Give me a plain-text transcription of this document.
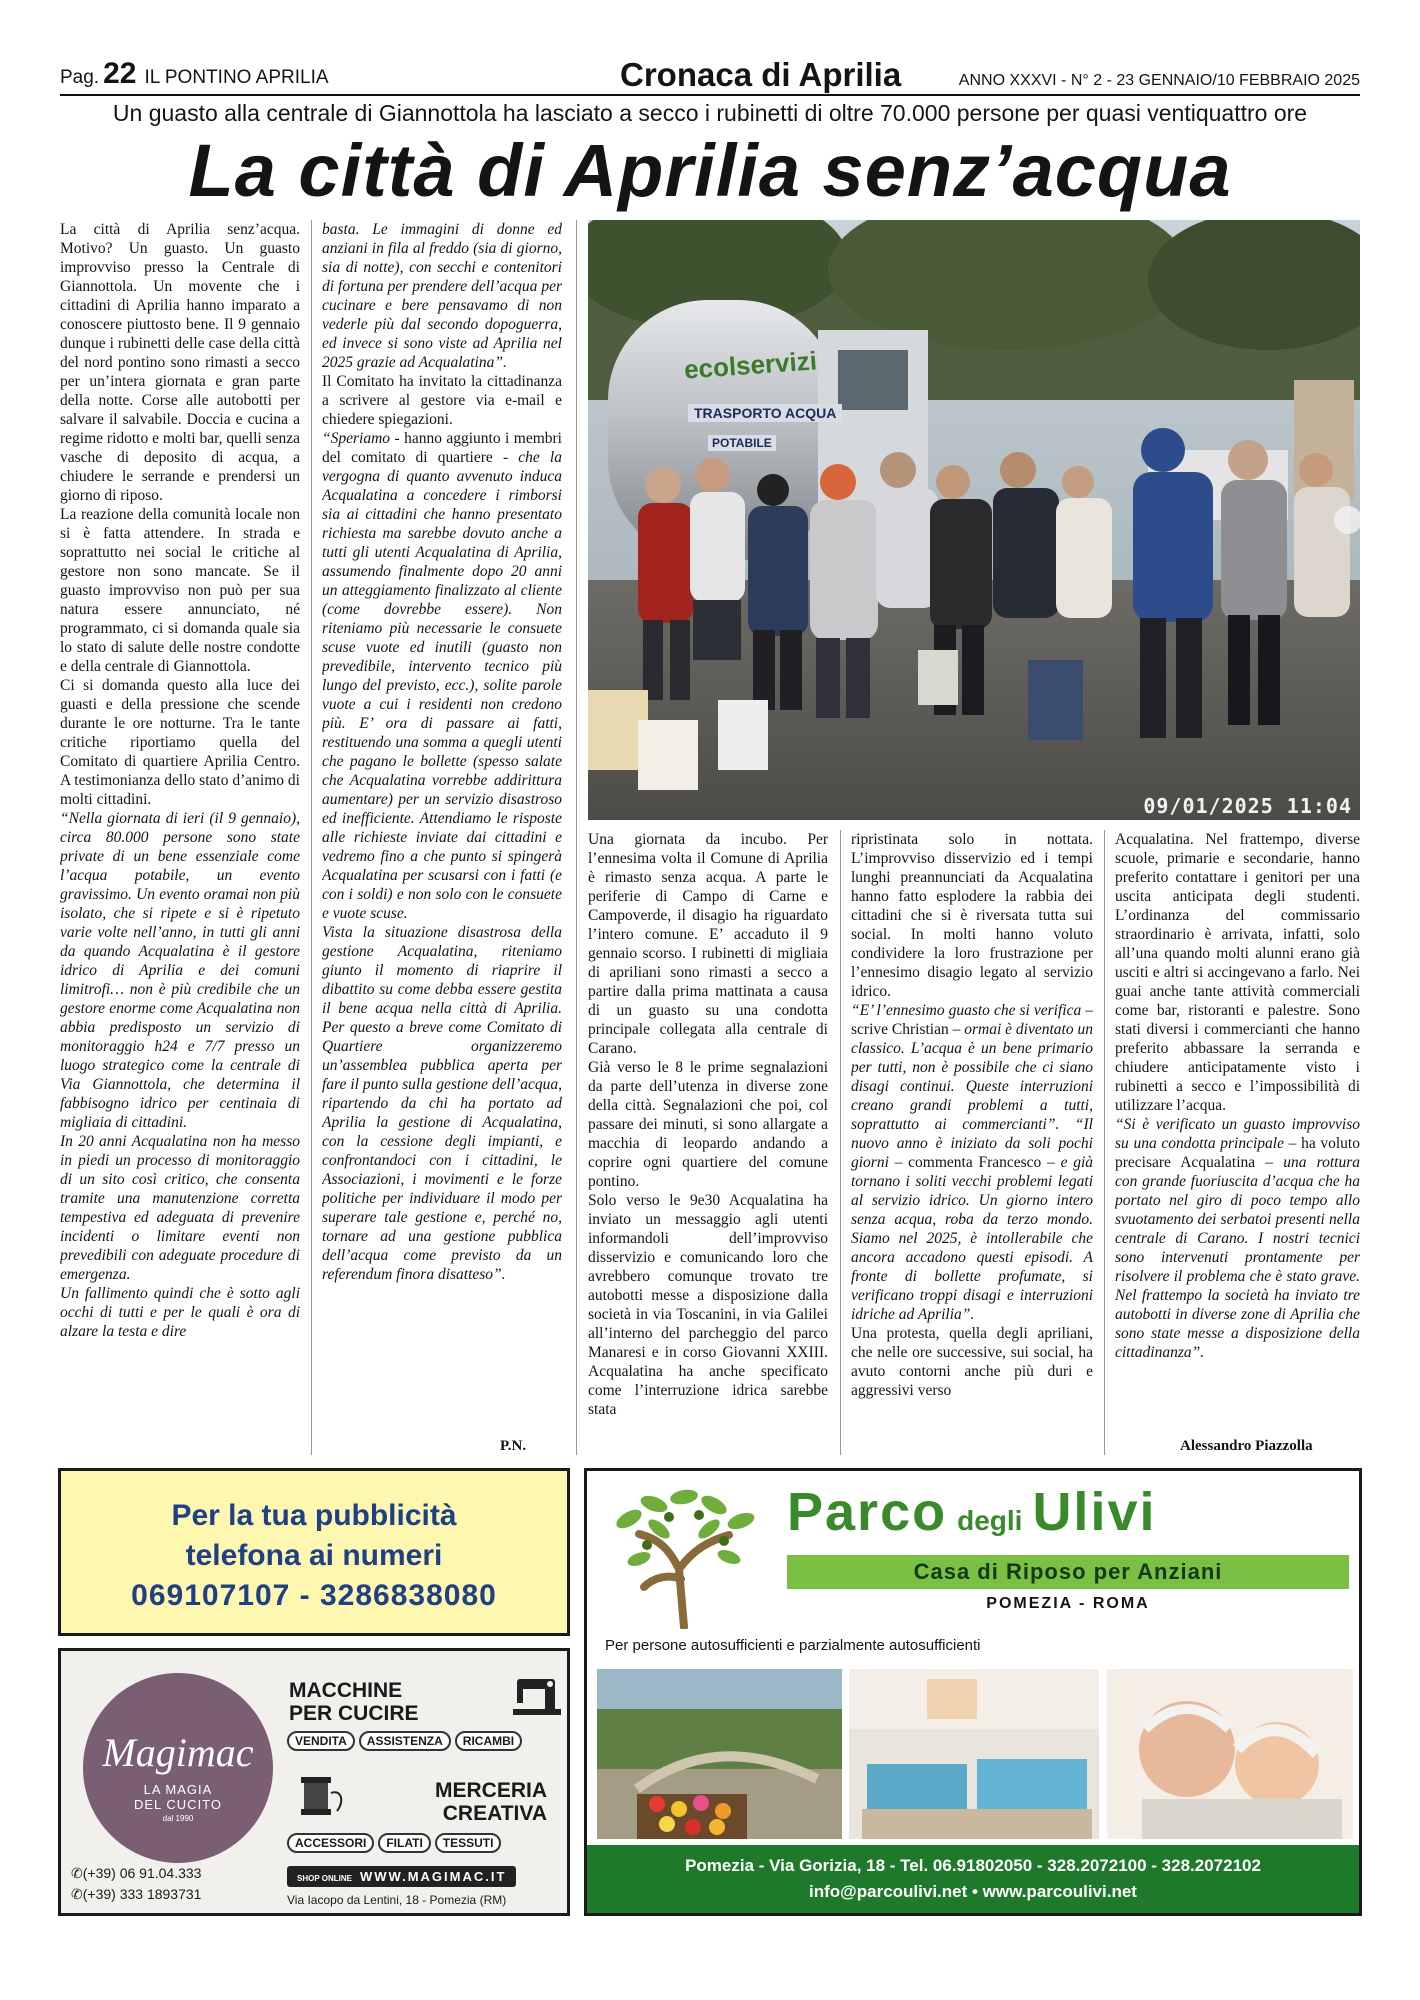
Pag. 22 IL PONTINO APRILIA	Cronaca di Aprilia	ANNO XXXVI - N° 2 - 23 GENNAIO/10 FEBBRAIO 2025
Un guasto alla centrale di Giannottola ha lasciato a secco i rubinetti di oltre 70.000 persone per quasi ventiquattro ore
La città di Aprilia senz’acqua

La città di Aprilia senz’acqua. Motivo? Un guasto. Un guasto improvviso presso la Centrale di Giannottola. Un movente che i cittadini di Aprilia hanno imparato a conoscere piuttosto bene. Il 9 gennaio dunque i rubinetti delle case della città del nord pontino sono rimasti a secco per un’intera giornata e gran parte della notte. Corse alle autobotti per salvare il salvabile. Doccia e cucina a regime ridotto e molti bar, quelli senza vasche di deposito di acqua, a chiudere le serrande e prendersi un giorno di riposo.

La reazione della comunità locale non si è fatta attendere. In strada e soprattutto nei social le critiche al gestore non sono mancate. Se il guasto improvviso non può per sua natura essere annunciato, né programmato, ci si domanda quale sia lo stato di salute delle nostre condotte e della centrale di Giannottola.

Ci si domanda questo alla luce dei guasti e della pressione che scende durante le ore notturne. Tra le tante critiche riportiamo quella del Comitato di quartiere Aprilia Centro. A testimonianza dello stato d’animo di molti cittadini.

“Nella giornata di ieri (il 9 gennaio), circa 80.000 persone sono state private di un bene essenziale come l’acqua potabile, un evento gravissimo. Un evento oramai non più isolato, che si ripete e si è ripetuto varie volte nell’anno, in tutti gli anni da quando Acqualatina è il gestore idrico di Aprilia e dei comuni limitrofi… non è più credibile che un gestore enorme come Acqualatina non abbia predisposto un servizio di monitoraggio h24 e 7/7 presso un luogo strategico come la centrale di Via Giannottola, che determina il fabbisogno idrico per centinaia di migliaia di cittadini.

In 20 anni Acqualatina non ha messo in piedi un processo di monitoraggio di un sito così critico, che consenta tramite una manutenzione corretta tempestiva ed adeguata di prevenire incidenti o limitare eventi non prevedibili con adeguate procedure di emergenza.

Un fallimento quindi che è sotto agli occhi di tutti e per le quali è ora di alzare la testa e dire

basta. Le immagini di donne ed anziani in fila al freddo (sia di giorno, sia di notte), con secchi e contenitori di fortuna per prendere dell’acqua per cucinare e bere pensavamo di non vederle più dal secondo dopoguerra, ed invece si sono viste ad Aprilia nel 2025 grazie ad Acqualatina”.

Il Comitato ha invitato la cittadinanza a scrivere al gestore via e-mail e chiedere spiegazioni.

“Speriamo - hanno aggiunto i membri del comitato di quartiere - che la vergogna di quanto avvenuto induca Acqualatina a concedere i rimborsi sia ai cittadini che hanno presentato richiesta ma sarebbe dovuto anche a tutti gli utenti Acqualatina di Aprilia, assumendo finalmente dopo 20 anni un atteggiamento finalizzato al cliente (come dovrebbe essere). Non riteniamo più necessarie le consuete scuse vuote ed inutili (guasto non prevedibile, intervento tecnico più lungo del previsto, ecc.), solite parole vuote a cui i residenti non credono più. E’ ora di passare ai fatti, restituendo una somma a quegli utenti che pagano le bollette (spesso salate che Acqualatina vorrebbe addirittura aumentare) per un servizio disastroso ed inefficiente. Attendiamo le risposte alle richieste inviate dai cittadini e vedremo fino a che punto si spingerà Acqualatina per scusarsi con i fatti (e con i soldi) e non solo con le consuete e vuote scuse.

Vista la situazione disastrosa della gestione Acqualatina, riteniamo giunto il momento di riaprire il dibattito su come debba essere gestita il bene acqua nella città di Aprilia. Per questo a breve come Comitato di Quartiere organizzeremo un’assemblea pubblica aperta per fare il punto sulla gestione dell’acqua, ripartendo da chi ha portato ad Aprilia la gestione di Acqualatina, con la cessione degli impianti, e confrontandoci con i cittadini, le Associazioni, i movimenti e le forze politiche per individuare il modo per superare tale gestione e, perché no, tornare ad una gestione pubblica dell’acqua come previsto da un referendum finora disatteso”.

P.N.
ecolservizi
TRASPORTO ACQUA
POTABILE
09/01/2025 11:04

Una giornata da incubo. Per l’ennesima volta il Comune di Aprilia è rimasto senza acqua. A parte le periferie di Campo di Carne e Campoverde, il disagio ha riguardato l’intero comune. E’ accaduto il 9 gennaio scorso. I rubinetti di migliaia di apriliani sono rimasti a secco a partire dalla prima mattinata a causa di un guasto su una condotta principale collegata alla centrale di Carano.

Già verso le 8 le prime segnalazioni da parte dell’utenza in diverse zone della città. Segnalazioni che poi, col passare dei minuti, si sono allargate a macchia di leopardo andando a coprire ogni quartiere del comune pontino.

Solo verso le 9e30 Acqualatina ha inviato un messaggio agli utenti informandoli dell’improvviso disservizio e comunicando loro che avrebbero comunque trovato tre autobotti messe a disposizione dalla società in via Toscanini, in via Galilei all’interno del parcheggio del parco Manaresi e in corso Giovanni XXIII. Acqualatina ha anche specificato come l’interruzione idrica sarebbe stata

ripristinata solo in nottata. L’improvviso disservizio ed i tempi lunghi preannunciati da Acqualatina hanno fatto esplodere la rabbia dei cittadini che si è riversata tutta sui social. In molti hanno voluto condividere la loro frustrazione per l’ennesimo disagio legato al servizio idrico.

“E’ l’ennesimo guasto che si verifica – scrive Christian – ormai è diventato un classico. L’acqua è un bene primario per tutti, non è possibile che ci siano disagi continui. Queste interruzioni creano grandi problemi a tutti, soprattutto ai commercianti”. “Il nuovo anno è iniziato da soli pochi giorni – commenta Francesco – e già tornano i soliti vecchi problemi legati al servizio idrico. Un giorno intero senza acqua, roba da terzo mondo. Siamo nel 2025, è intollerabile che ancora accadono questi episodi. A fronte di bollette profumate, si verificano troppi disagi e interruzioni idriche ad Aprilia”.

Una protesta, quella degli apriliani, che nelle ore successive, sui social, ha avuto contorni anche più duri e aggressivi verso

Acqualatina. Nel frattempo, diverse scuole, primarie e secondarie, hanno preferito contattare i genitori per una uscita anticipata degli studenti. L’ordinanza del commissario straordinario è arrivata, infatti, solo all’una quando molti alunni erano già usciti e altri si accingevano a farlo. Nei guai anche tante attività commerciali come bar, ristoranti e palestre. Sono stati diversi i commercianti che hanno preferito abbassare la serranda e chiudere anticipatamente visto i rubinetti a secco e l’impossibilità di utilizzare l’acqua.

“Si è verificato un guasto improvviso su una condotta principale – ha voluto precisare Acqualatina – una rottura con grande fuoriuscita d’acqua che ha portato nel giro di poco tempo allo svuotamento dei serbatoi presenti nella centrale di Carano. I nostri tecnici sono intervenuti prontamente per risolvere il problema che è stato grave. Nel frattempo la società ha inviato tre autobotti in diverse zone di Aprilia che sono state messe a disposizione della cittadinanza”.

Alessandro Piazzolla
Per la tua pubblicità
telefona ai numeri
069107107 - 3286838080
Magimac
LA MAGIA
DEL CUCITO
dal 1990
MACCHINE
PER CUCIRE
VENDITA	ASSISTENZA	RICAMBI
MERCERIA
CREATIVA
ACCESSORI	FILATI	TESSUTI
✆(+39) 06 91.04.333
✆(+39) 333 1893731
SHOP ONLINE WWW.MAGIMAC.IT
Via Iacopo da Lentini, 18 - Pomezia (RM)
Parco degli Ulivi
Casa di Riposo per Anziani
POMEZIA - ROMA
Per persone autosufficienti e parzialmente autosufficienti
Pomezia - Via Gorizia, 18 - Tel. 06.91802050 - 328.2072100 - 328.2072102
info@parcoulivi.net • www.parcoulivi.net
